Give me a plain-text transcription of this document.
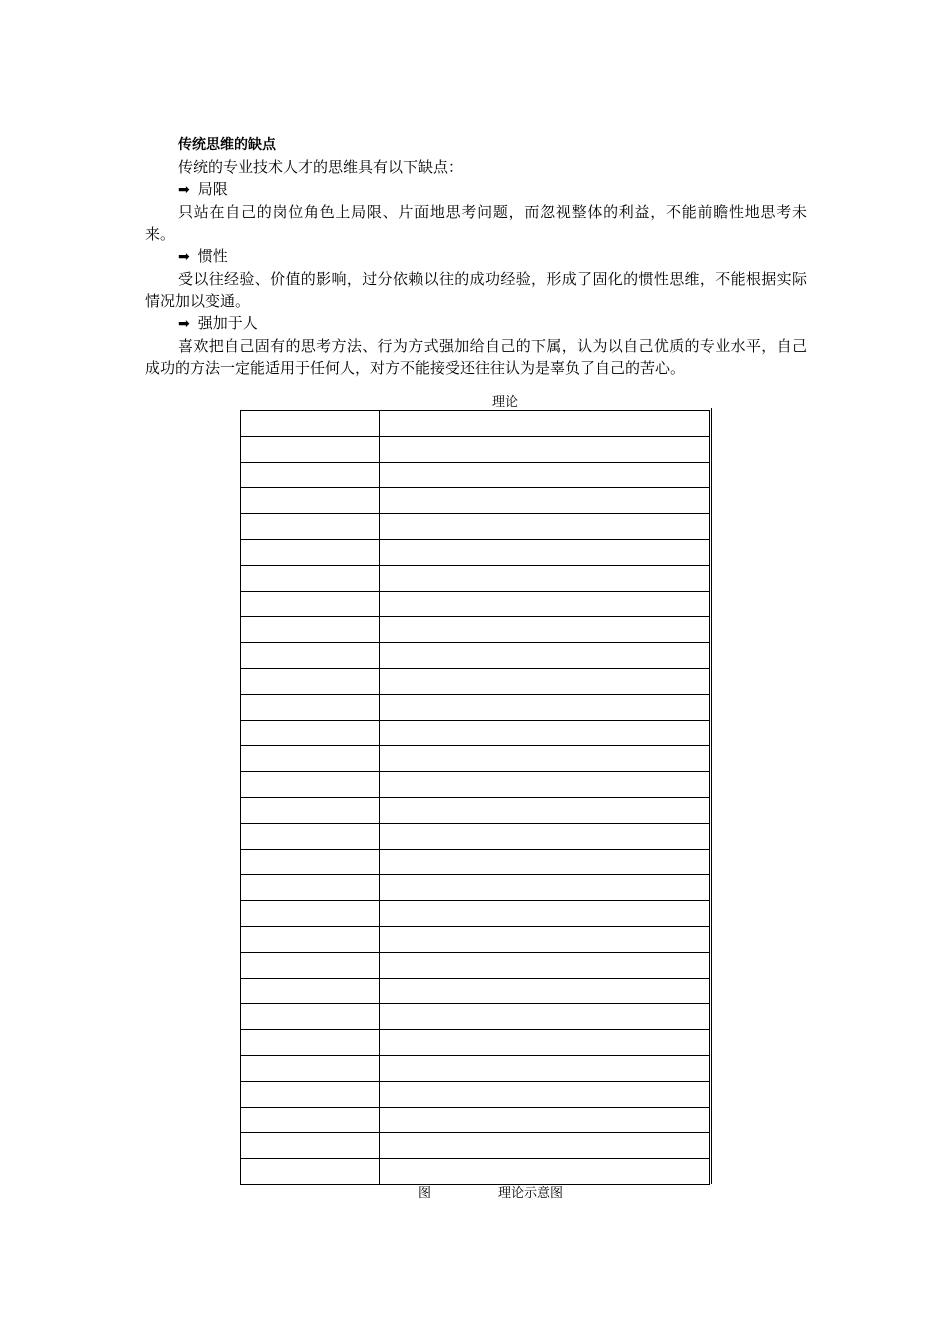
传统思维的缺点

传统的专业技术人才的思维具有以下缺点：

➡ 局限

只站在自己的岗位角色上局限、片面地思考问题，而忽视整体的利益，不能前瞻性地思考未来。

➡ 惯性

受以往经验、价值的影响，过分依赖以往的成功经验，形成了固化的惯性思维，不能根据实际情况加以变通。

➡ 强加于人

喜欢把自己固有的思考方法、行为方式强加给自己的下属，认为以自己优质的专业水平，自己成功的方法一定能适用于任何人，对方不能接受还往往认为是辜负了自己的苦心。

理论

图	理论示意图
